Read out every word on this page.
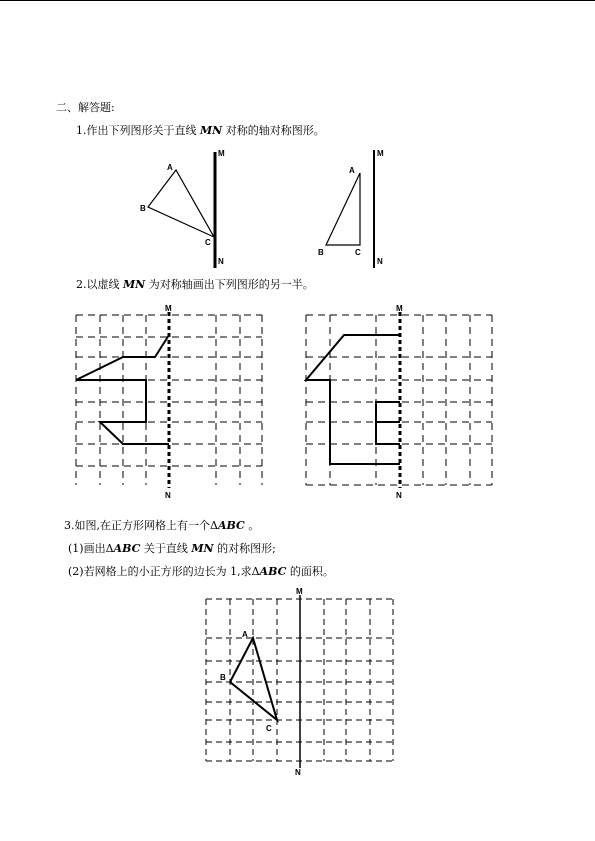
二、解答题:
1.作出下列图形关于直线 MN 对称的轴对称图形。
2.以虚线 MN 为对称轴画出下列图形的另一半。
3.如图,在正方形网格上有一个ΔABC 。
(1)画出ΔABC 关于直线 MN 的对称图形;
(2)若网格上的小正方形的边长为 1,求ΔABC 的面积。
A
B
C
M
N
A
B	C
M
N
M
N
M
N
A
B
C
M
N
